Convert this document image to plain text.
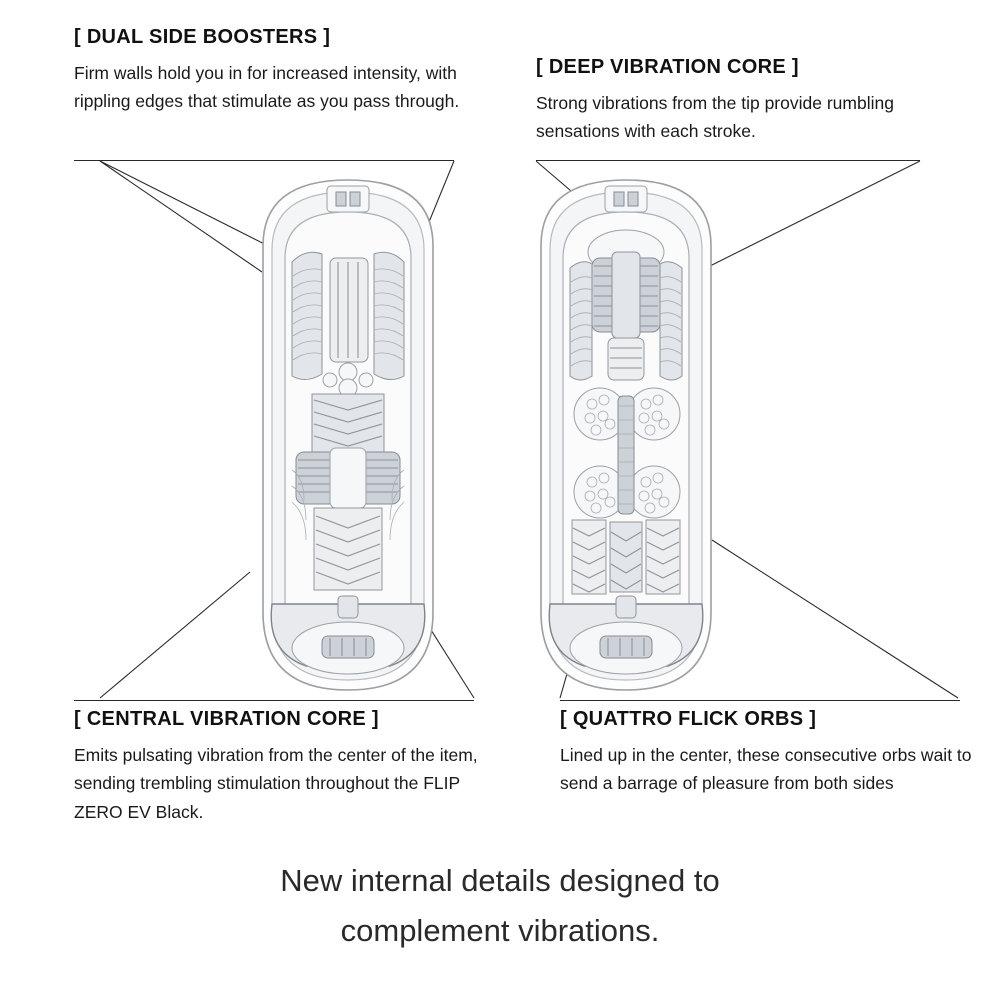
[ DUAL SIDE BOOSTERS ]
Firm walls hold you in for increased intensity, with rippling edges that stimulate as you pass through.
[ DEEP VIBRATION CORE ]
Strong vibrations from the tip provide rumbling sensations with each stroke.
[ CENTRAL VIBRATION CORE ]
Emits pulsating vibration from the center of the item, sending trembling stimulation throughout the FLIP ZERO EV Black.
[ QUATTRO FLICK ORBS ]
Lined up in the center, these consecutive orbs wait to send a barrage of pleasure from both sides
New internal details designed to
complement vibrations.
